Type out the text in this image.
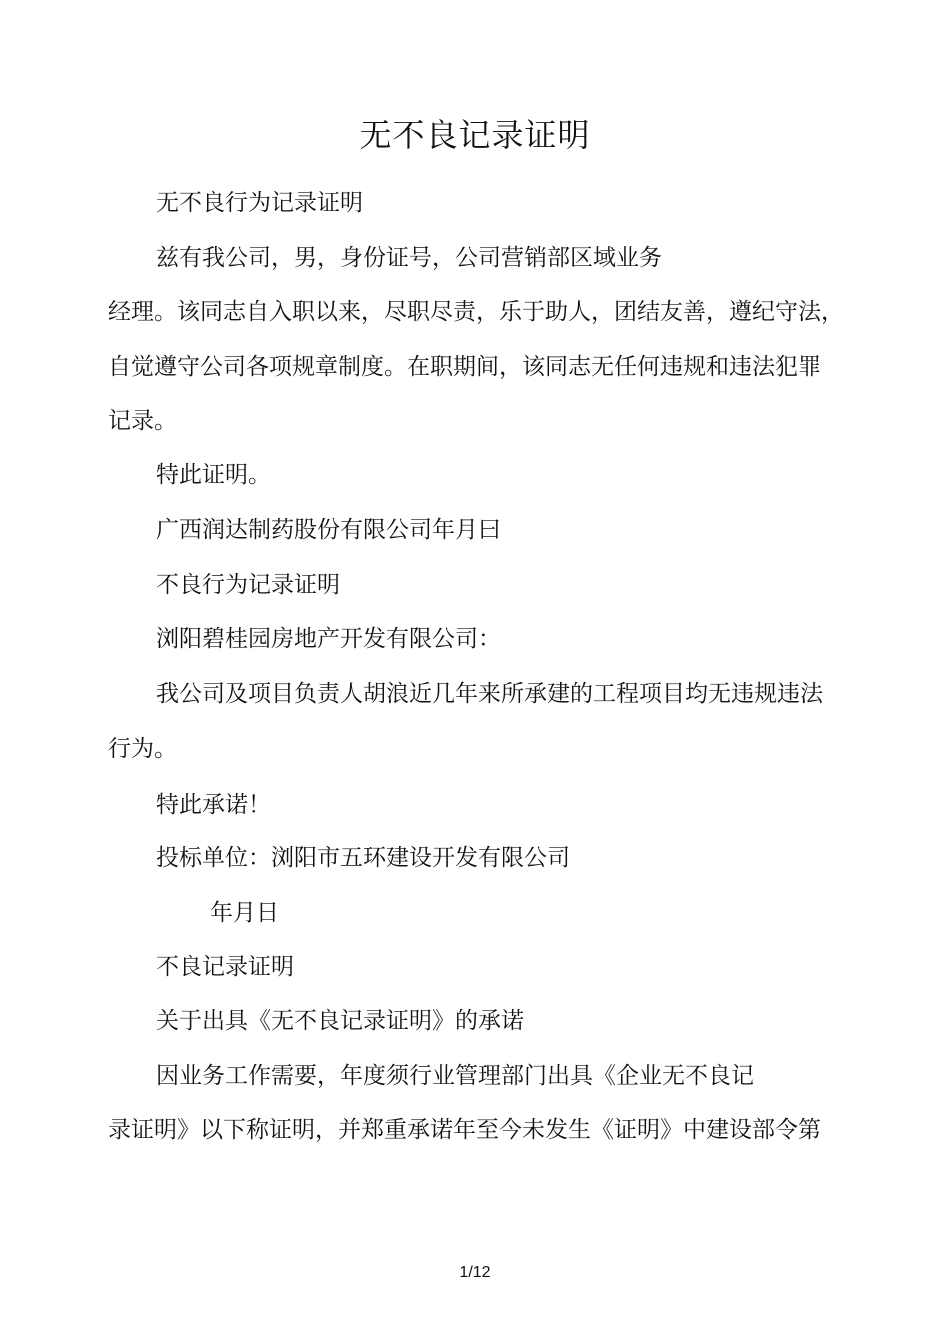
无不良记录证明
无不良行为记录证明
兹有我公司，男，身份证号，公司营销部区域业务
经理。该同志自入职以来，尽职尽责，乐于助人，团结友善，遵纪守法，
自觉遵守公司各项规章制度。在职期间，该同志无任何违规和违法犯罪
记录。
特此证明。
广西润达制药股份有限公司年月曰
不良行为记录证明
浏阳碧桂园房地产开发有限公司：
我公司及项目负责人胡浪近几年来所承建的工程项目均无违规违法
行为。
特此承诺！
投标单位：浏阳市五环建设开发有限公司
年月日
不良记录证明
关于出具《无不良记录证明》的承诺
因业务工作需要，年度须行业管理部门出具《企业无不良记
录证明》以下称证明，并郑重承诺年至今未发生《证明》中建设部令第
1/12
